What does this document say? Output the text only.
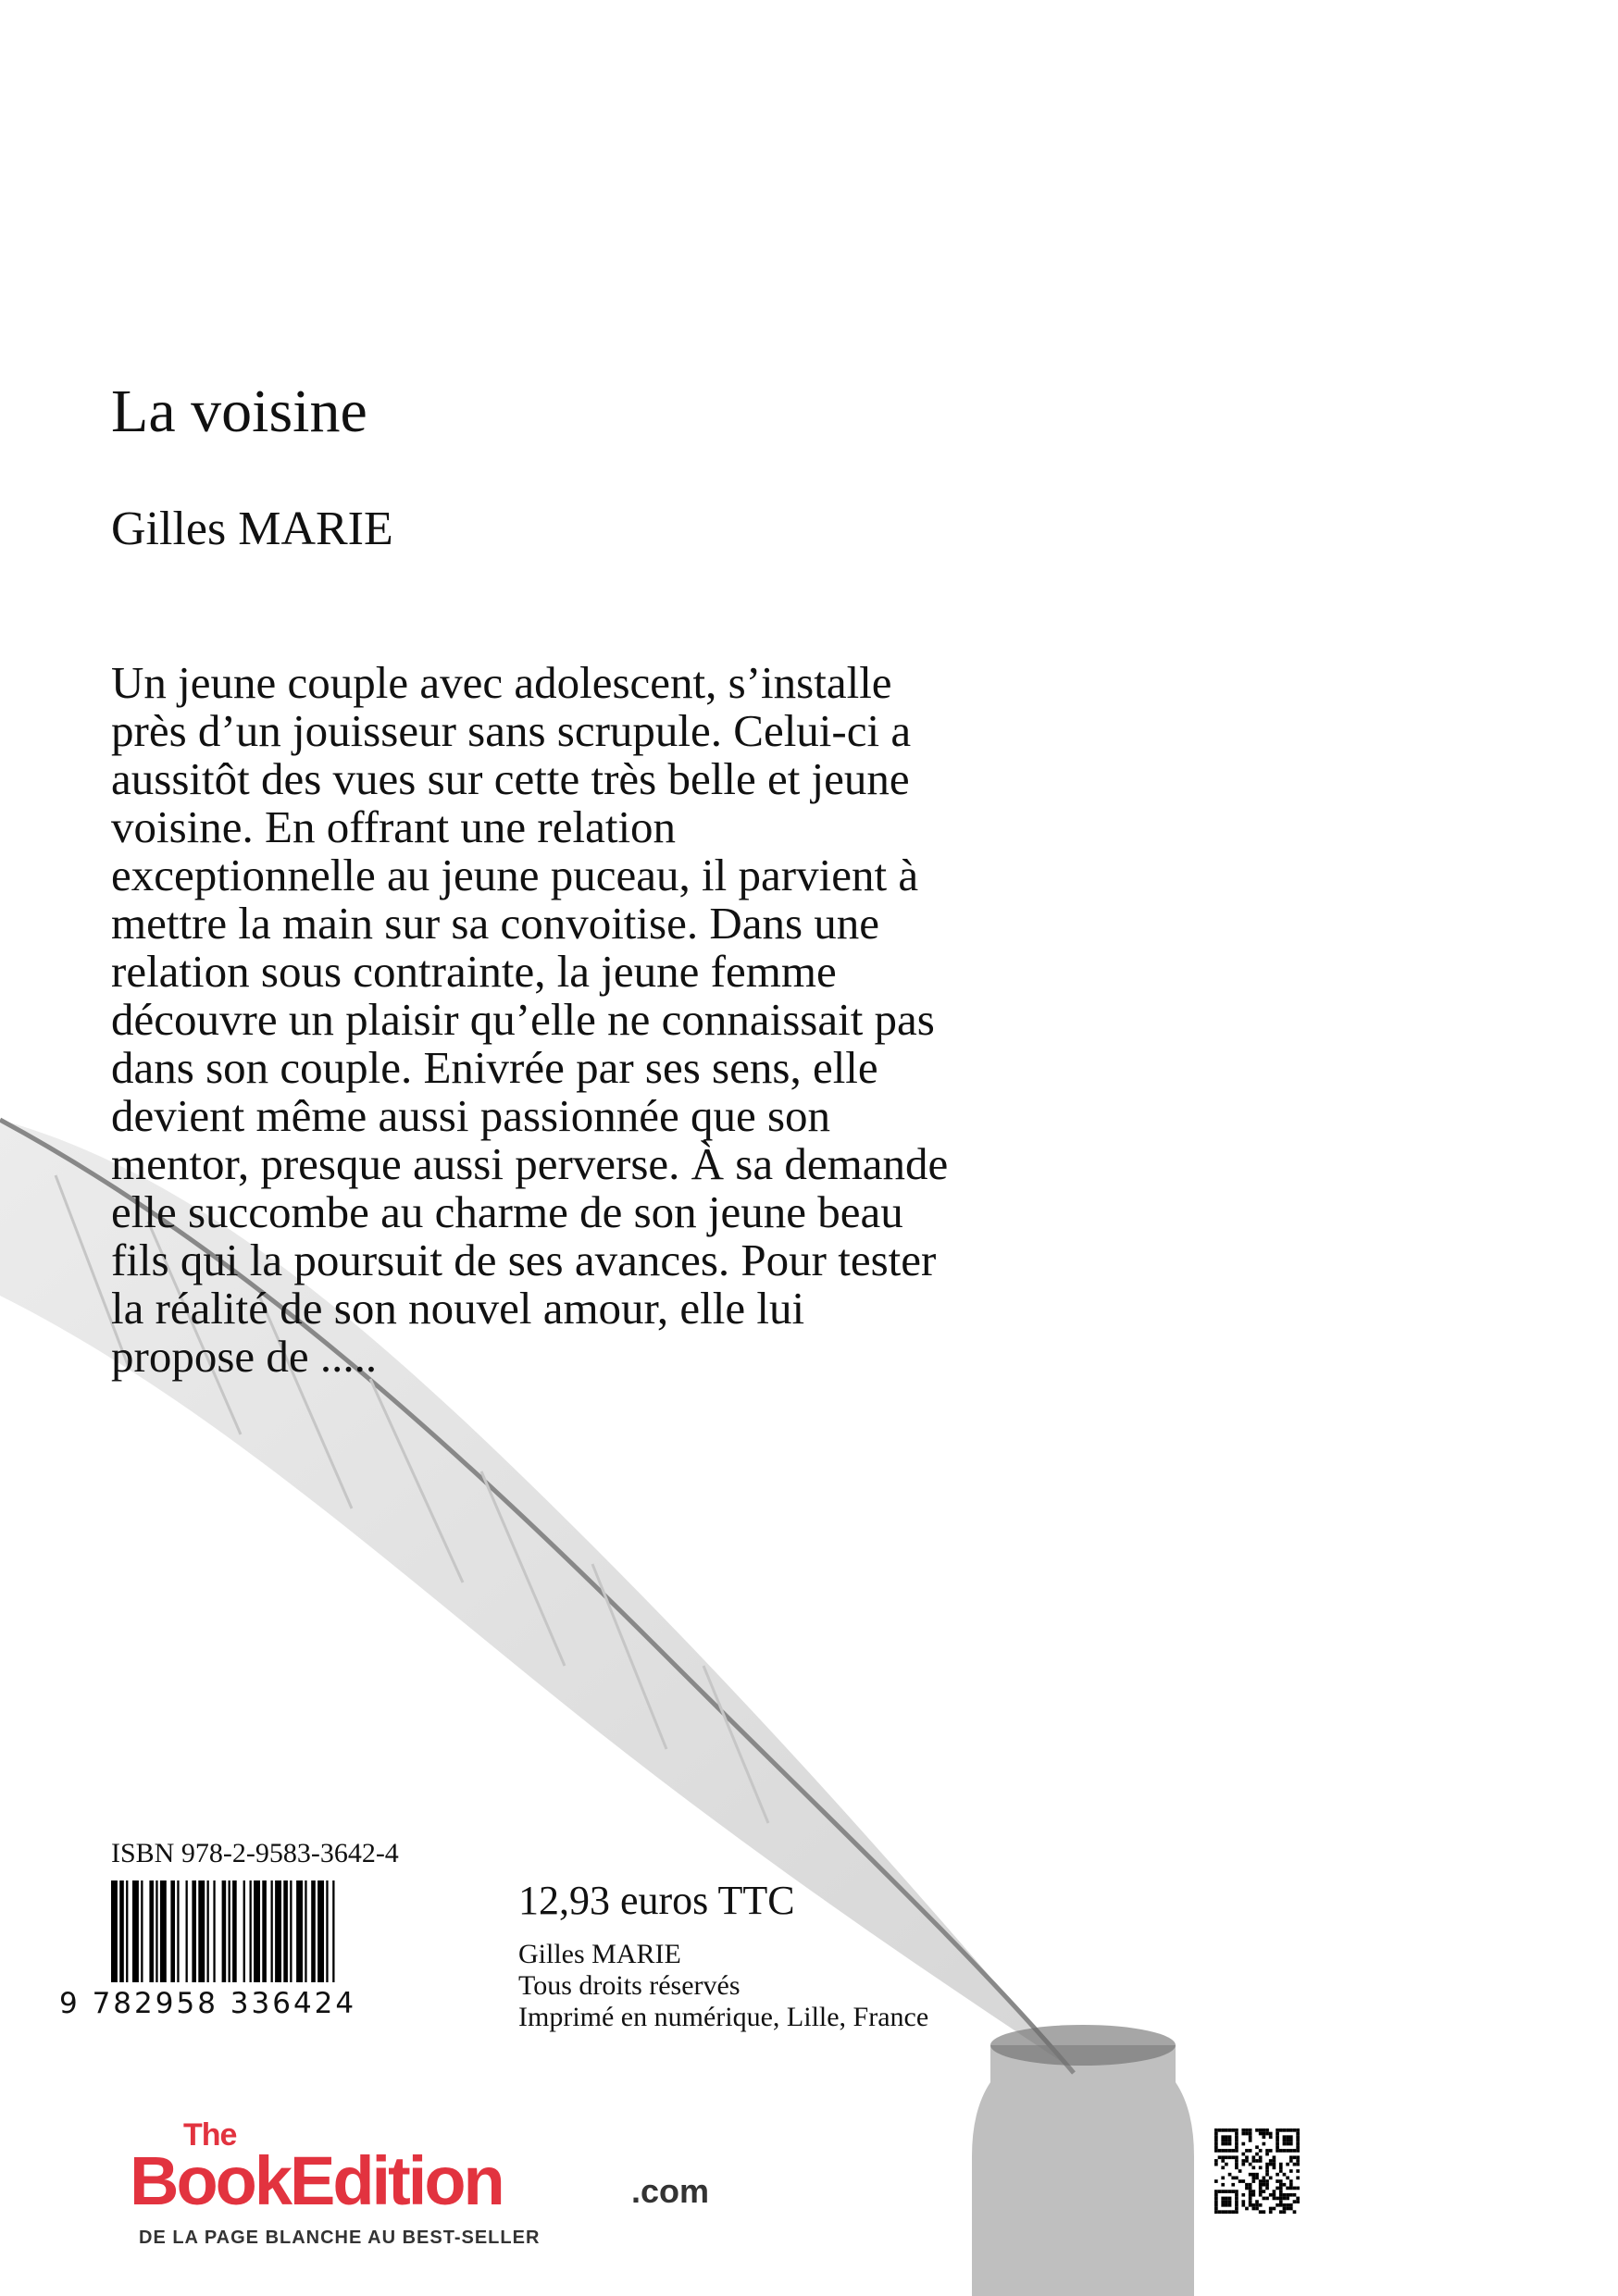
La voisine
Gilles MARIE

Un jeune couple avec adolescent, s’installe
près d’un jouisseur sans scrupule. Celui-ci a
aussitôt des vues sur cette très belle et jeune
voisine. En offrant une relation
exceptionnelle au jeune puceau, il parvient à
mettre la main sur sa convoitise. Dans une
relation sous contrainte, la jeune femme
découvre un plaisir qu’elle ne connaissait pas
dans son couple. Enivrée par ses sens, elle
devient même aussi passionnée que son
mentor, presque aussi perverse. À sa demande
elle succombe au charme de son jeune beau
fils qui la poursuit de ses avances. Pour tester
la réalité de son nouvel amour, elle lui
propose de .....

ISBN 978-2-9583-3642-4
9 782958 336424
12,93 euros TTC
Gilles MARIE
Tous droits réservés
Imprimé en numérique, Lille, France
The
BookEdition	.com
DE LA PAGE BLANCHE AU BEST-SELLER
